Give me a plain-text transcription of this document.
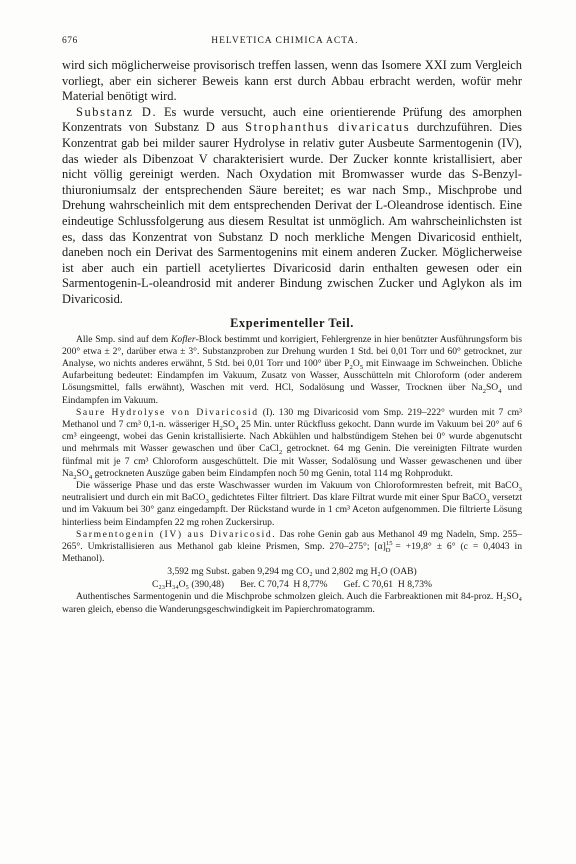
676	HELVETICA CHIMICA ACTA.

wird sich möglicherweise provisorisch treffen lassen, wenn das Isomere XXI zum Vergleich vorliegt, aber ein sicherer Beweis kann erst durch Abbau erbracht werden, wofür mehr Material benötigt wird.

Substanz D. Es wurde versucht, auch eine orientierende Prüfung des amorphen Konzentrats von Substanz D aus Strophanthus divaricatus durchzuführen. Dies Konzentrat gab bei milder saurer Hydrolyse in relativ guter Ausbeute Sarmentogenin (IV), das wieder als Dibenzoat V charakterisiert wurde. Der Zucker konnte kristallisiert, aber nicht völlig gereinigt werden. Nach Oxydation mit Bromwasser wurde das S-Benzyl-thiuroniumsalz der entsprechenden Säure bereitet; es war nach Smp., Mischprobe und Drehung wahrscheinlich mit dem entsprechenden Derivat der L-Oleandrose identisch. Eine eindeutige Schlussfolgerung aus diesem Resultat ist unmöglich. Am wahrscheinlichsten ist es, dass das Konzentrat von Substanz D noch merkliche Mengen Divaricosid enthielt, daneben noch ein Derivat des Sarmentogenins mit einem anderen Zucker. Möglicherweise ist aber auch ein partiell acetyliertes Divaricosid darin enthalten gewesen oder ein Sarmentogenin-L-oleandrosid mit anderer Bindung zwischen Zucker und Aglykon als im Divaricosid.

Experimenteller Teil.

Alle Smp. sind auf dem Kofler-Block bestimmt und korrigiert, Fehlergrenze in hier benützter Ausführungsform bis 200° etwa ± 2°, darüber etwa ± 3°. Substanzproben zur Drehung wurden 1 Std. bei 0,01 Torr und 60° getrocknet, zur Analyse, wo nichts anderes erwähnt, 5 Std. bei 0,01 Torr und 100° über $P_2O_5$ mit Einwaage im Schweinchen. Übliche Aufarbeitung bedeutet: Eindampfen im Vakuum, Zusatz von Wasser, Ausschütteln mit Chloroform (oder anderem Lösungsmittel, falls erwähnt), Waschen mit verd. HCl, Sodalösung und Wasser, Trocknen über $Na_2SO_4$ und Eindampfen im Vakuum.

Saure Hydrolyse von Divaricosid (I). 130 mg Divaricosid vom Smp. 219–222° wurden mit 7 cm³ Methanol und 7 cm³ 0,1-n. wässeriger $H_2SO_4$ 25 Min. unter Rückfluss gekocht. Dann wurde im Vakuum bei 20° auf 6 cm³ eingeengt, wobei das Genin kristallisierte. Nach Abkühlen und halbstündigem Stehen bei 0° wurde abgenutscht und mehrmals mit Wasser gewaschen und über CaCl$_2$ getrocknet. 64 mg Genin. Die vereinigten Filtrate wurden fünfmal mit je 7 cm³ Chloroform ausgeschüttelt. Die mit Wasser, Sodalösung und Wasser gewaschenen und über $Na_2SO_4$ getrockneten Auszüge gaben beim Eindampfen noch 50 mg Genin, total 114 mg Rohprodukt.

Die wässerige Phase und das erste Waschwasser wurden im Vakuum von Chloroformresten befreit, mit BaCO$_3$ neutralisiert und durch ein mit BaCO$_3$ gedichtetes Filter filtriert. Das klare Filtrat wurde mit einer Spur BaCO$_3$ versetzt und im Vakuum bei 30° ganz eingedampft. Der Rückstand wurde in 1 cm³ Aceton aufgenommen. Die filtrierte Lösung hinterliess beim Eindampfen 22 mg rohen Zuckersirup.

Sarmentogenin (IV) aus Divaricosid. Das rohe Genin gab aus Methanol 49 mg Nadeln, Smp. 255–265°. Umkristallisieren aus Methanol gab kleine Prismen, Smp. 270–275°; $[\alpha]^{15}_D = +19,8^\circ \pm 6^\circ$ (c = 0,4043 in Methanol).

3,592 mg Subst. gaben 9,294 mg CO₂ und 2,802 mg H₂O (OAB)
C₂₃H₃₄O₅ (390,48) Ber. C 70,74  H 8,77% Gef. C 70,61  H 8,73%

Authentisches Sarmentogenin und die Mischprobe schmolzen gleich. Auch die Farbreaktionen mit 84-proz. H₂SO₄ waren gleich, ebenso die Wanderungsgeschwindigkeit im Papierchromatogramm.
